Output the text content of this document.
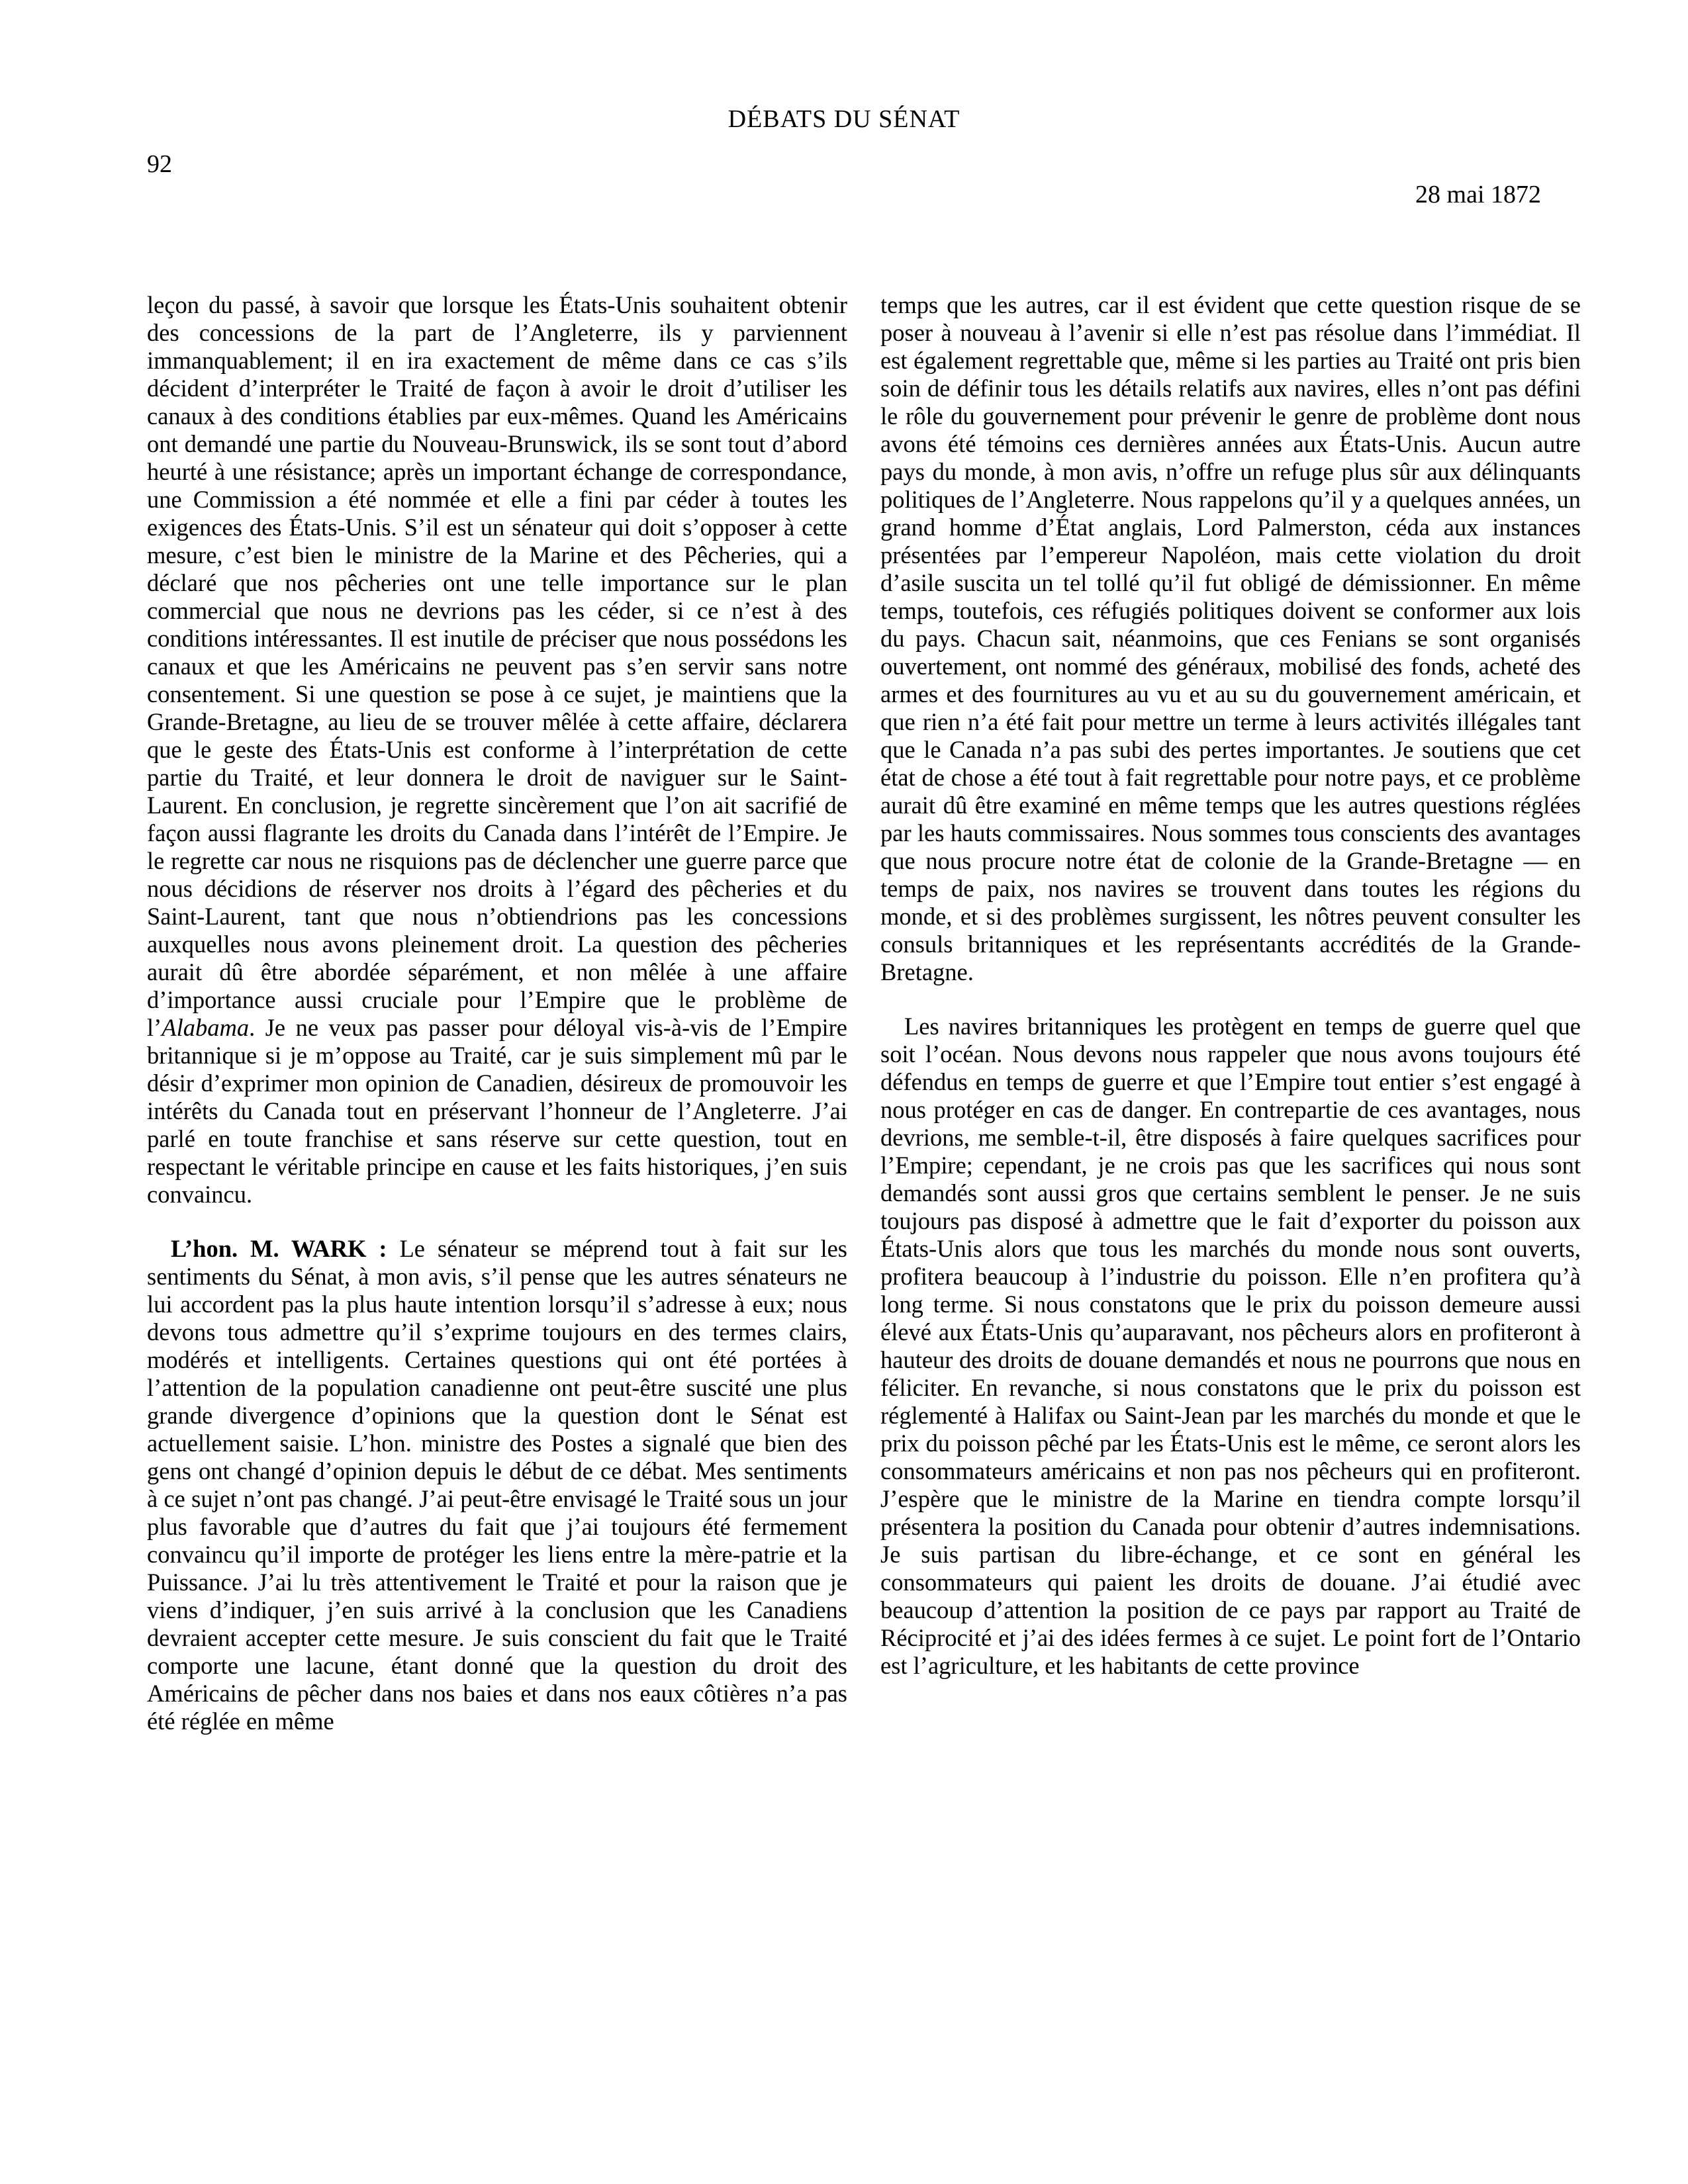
DÉBATS DU SÉNAT
92
28 mai 1872

leçon du passé, à savoir que lorsque les États-Unis souhaitent obtenir des concessions de la part de l’Angleterre, ils y parviennent immanquablement; il en ira exactement de même dans ce cas s’ils décident d’interpréter le Traité de façon à avoir le droit d’utiliser les canaux à des conditions établies par eux-mêmes. Quand les Américains ont demandé une partie du Nouveau-Brunswick, ils se sont tout d’abord heurté à une résistance; après un important échange de correspondance, une Commission a été nommée et elle a fini par céder à toutes les exigences des États-Unis. S’il est un sénateur qui doit s’opposer à cette mesure, c’est bien le ministre de la Marine et des Pêcheries, qui a déclaré que nos pêcheries ont une telle importance sur le plan commercial que nous ne devrions pas les céder, si ce n’est à des conditions intéressantes. Il est inutile de préciser que nous possédons les canaux et que les Américains ne peuvent pas s’en servir sans notre consentement. Si une question se pose à ce sujet, je maintiens que la Grande-Bretagne, au lieu de se trouver mêlée à cette affaire, déclarera que le geste des États-Unis est conforme à l’interprétation de cette partie du Traité, et leur donnera le droit de naviguer sur le Saint-Laurent. En conclusion, je regrette sincèrement que l’on ait sacrifié de façon aussi flagrante les droits du Canada dans l’intérêt de l’Empire. Je le regrette car nous ne risquions pas de déclencher une guerre parce que nous décidions de réserver nos droits à l’égard des pêcheries et du Saint-Laurent, tant que nous n’obtiendrions pas les concessions auxquelles nous avons pleinement droit. La question des pêcheries aurait dû être abordée séparément, et non mêlée à une affaire d’importance aussi cruciale pour l’Empire que le problème de l’Alabama. Je ne veux pas passer pour déloyal vis-à-vis de l’Empire britannique si je m’oppose au Traité, car je suis simplement mû par le désir d’exprimer mon opinion de Canadien, désireux de promouvoir les intérêts du Canada tout en préservant l’honneur de l’Angleterre. J’ai parlé en toute franchise et sans réserve sur cette question, tout en respectant le véritable principe en cause et les faits historiques, j’en suis convaincu.

L’hon. M. WARK : Le sénateur se méprend tout à fait sur les sentiments du Sénat, à mon avis, s’il pense que les autres sénateurs ne lui accordent pas la plus haute intention lorsqu’il s’adresse à eux; nous devons tous admettre qu’il s’exprime toujours en des termes clairs, modérés et intelligents. Certaines questions qui ont été portées à l’attention de la population canadienne ont peut-être suscité une plus grande divergence d’opinions que la question dont le Sénat est actuellement saisie. L’hon. ministre des Postes a signalé que bien des gens ont changé d’opinion depuis le début de ce débat. Mes sentiments à ce sujet n’ont pas changé. J’ai peut-être envisagé le Traité sous un jour plus favorable que d’autres du fait que j’ai toujours été fermement convaincu qu’il importe de protéger les liens entre la mère-patrie et la Puissance. J’ai lu très attentivement le Traité et pour la raison que je viens d’indiquer, j’en suis arrivé à la conclusion que les Canadiens devraient accepter cette mesure. Je suis conscient du fait que le Traité comporte une lacune, étant donné que la question du droit des Américains de pêcher dans nos baies et dans nos eaux côtières n’a pas été réglée en même

temps que les autres, car il est évident que cette question risque de se poser à nouveau à l’avenir si elle n’est pas résolue dans l’immédiat. Il est également regrettable que, même si les parties au Traité ont pris bien soin de définir tous les détails relatifs aux navires, elles n’ont pas défini le rôle du gouvernement pour prévenir le genre de problème dont nous avons été témoins ces dernières années aux États-Unis. Aucun autre pays du monde, à mon avis, n’offre un refuge plus sûr aux délinquants politiques de l’Angleterre. Nous rappelons qu’il y a quelques années, un grand homme d’État anglais, Lord Palmerston, céda aux instances présentées par l’empereur Napoléon, mais cette violation du droit d’asile suscita un tel tollé qu’il fut obligé de démissionner. En même temps, toutefois, ces réfugiés politiques doivent se conformer aux lois du pays. Chacun sait, néanmoins, que ces Fenians se sont organisés ouvertement, ont nommé des généraux, mobilisé des fonds, acheté des armes et des fournitures au vu et au su du gouvernement américain, et que rien n’a été fait pour mettre un terme à leurs activités illégales tant que le Canada n’a pas subi des pertes importantes. Je soutiens que cet état de chose a été tout à fait regrettable pour notre pays, et ce problème aurait dû être examiné en même temps que les autres questions réglées par les hauts commissaires. Nous sommes tous conscients des avantages que nous procure notre état de colonie de la Grande-Bretagne — en temps de paix, nos navires se trouvent dans toutes les régions du monde, et si des problèmes surgissent, les nôtres peuvent consulter les consuls britanniques et les représentants accrédités de la Grande-Bretagne.

Les navires britanniques les protègent en temps de guerre quel que soit l’océan. Nous devons nous rappeler que nous avons toujours été défendus en temps de guerre et que l’Empire tout entier s’est engagé à nous protéger en cas de danger. En contrepartie de ces avantages, nous devrions, me semble-t-il, être disposés à faire quelques sacrifices pour l’Empire; cependant, je ne crois pas que les sacrifices qui nous sont demandés sont aussi gros que certains semblent le penser. Je ne suis toujours pas disposé à admettre que le fait d’exporter du poisson aux États-Unis alors que tous les marchés du monde nous sont ouverts, profitera beaucoup à l’industrie du poisson. Elle n’en profitera qu’à long terme. Si nous constatons que le prix du poisson demeure aussi élevé aux États-Unis qu’auparavant, nos pêcheurs alors en profiteront à hauteur des droits de douane demandés et nous ne pourrons que nous en féliciter. En revanche, si nous constatons que le prix du poisson est réglementé à Halifax ou Saint-Jean par les marchés du monde et que le prix du poisson pêché par les États-Unis est le même, ce seront alors les consommateurs américains et non pas nos pêcheurs qui en profiteront. J’espère que le ministre de la Marine en tiendra compte lorsqu’il présentera la position du Canada pour obtenir d’autres indemnisations. Je suis partisan du libre-échange, et ce sont en général les consommateurs qui paient les droits de douane. J’ai étudié avec beaucoup d’attention la position de ce pays par rapport au Traité de Réciprocité et j’ai des idées fermes à ce sujet. Le point fort de l’Ontario est l’agriculture, et les habitants de cette province
